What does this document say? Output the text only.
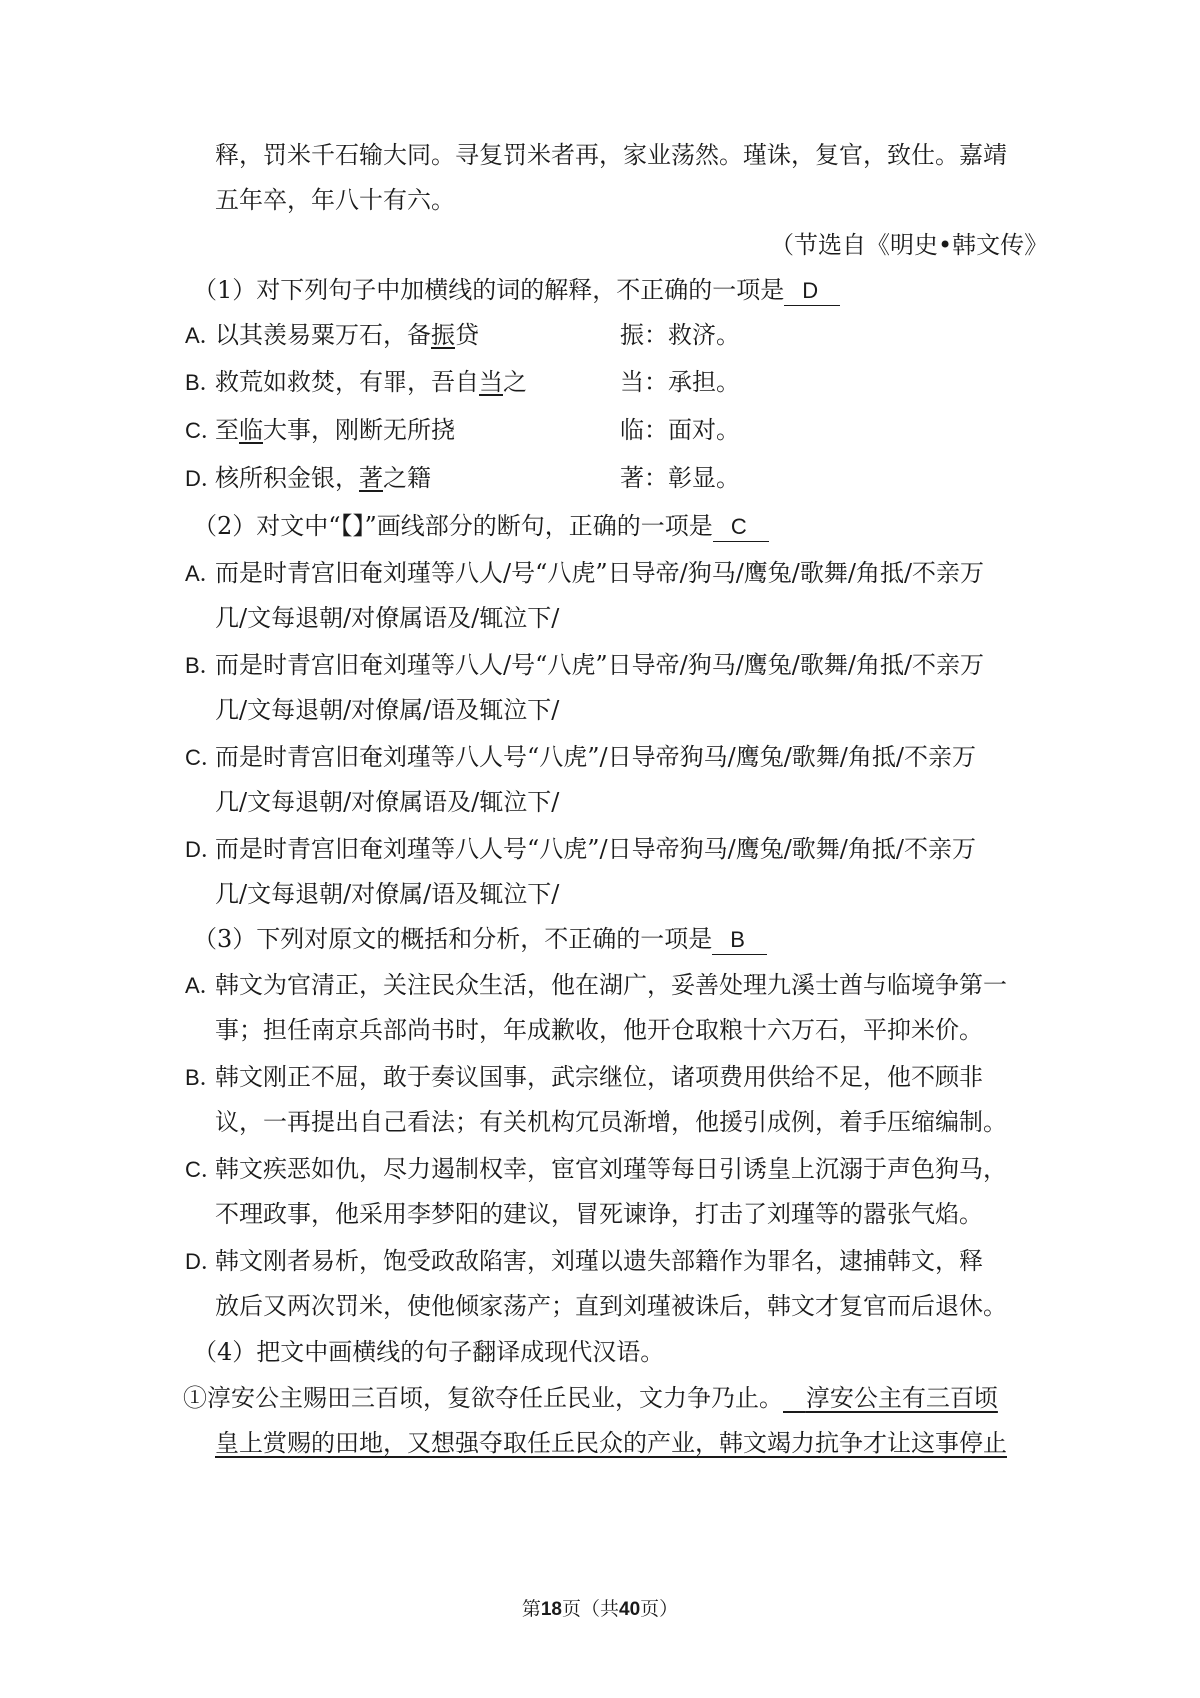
释，罚米千石输大同。寻复罚米者再，家业荡然。瑾诛，复官，致仕。嘉靖
五年卒，年八十有六。
（节选自《明史•韩文传》
（1）对下列句子中加横线的词的解释，不正确的一项是 D
A．以其羡易粟万石，备振贷	振：救济。
B．救荒如救焚，有罪，吾自当之	当：承担。
C．至临大事，刚断无所挠	临：面对。
D．核所积金银，著之籍	著：彰显。
（2）对文中“【】”画线部分的断句，正确的一项是 C
A．而是时青宫旧奄刘瑾等八人/号“八虎”日导帝/狗马/鹰兔/歌舞/角抵/不亲万
几/文每退朝/对僚属语及/辄泣下/
B．而是时青宫旧奄刘瑾等八人/号“八虎”日导帝/狗马/鹰兔/歌舞/角抵/不亲万
几/文每退朝/对僚属/语及辄泣下/
C．而是时青宫旧奄刘瑾等八人号“八虎”/日导帝狗马/鹰兔/歌舞/角抵/不亲万
几/文每退朝/对僚属语及/辄泣下/
D．而是时青宫旧奄刘瑾等八人号“八虎”/日导帝狗马/鹰兔/歌舞/角抵/不亲万
几/文每退朝/对僚属/语及辄泣下/
（3）下列对原文的概括和分析，不正确的一项是 B
A．韩文为官清正，关注民众生活，他在湖广，妥善处理九溪士酋与临境争第一
事；担任南京兵部尚书时，年成歉收，他开仓取粮十六万石，平抑米价。
B．韩文刚正不屈，敢于奏议国事，武宗继位，诸项费用供给不足，他不顾非
议，一再提出自己看法；有关机构冗员渐增，他援引成例，着手压缩编制。
C．韩文疾恶如仇，尽力遏制权幸，宦官刘瑾等每日引诱皇上沉溺于声色狗马，
不理政事，他采用李梦阳的建议，冒死谏诤，打击了刘瑾等的嚣张气焰。
D．韩文刚者易析，饱受政敌陷害，刘瑾以遗失部籍作为罪名，逮捕韩文，释
放后又两次罚米，使他倾家荡产；直到刘瑾被诛后，韩文才复官而后退休。
（4）把文中画横线的句子翻译成现代汉语。
①淳安公主赐田三百顷，复欲夺任丘民业，文力争乃止。 淳安公主有三百顷
皇上赏赐的田地，又想强夺取任丘民众的产业，韩文竭力抗争才让这事停止
第18页（共40页）
